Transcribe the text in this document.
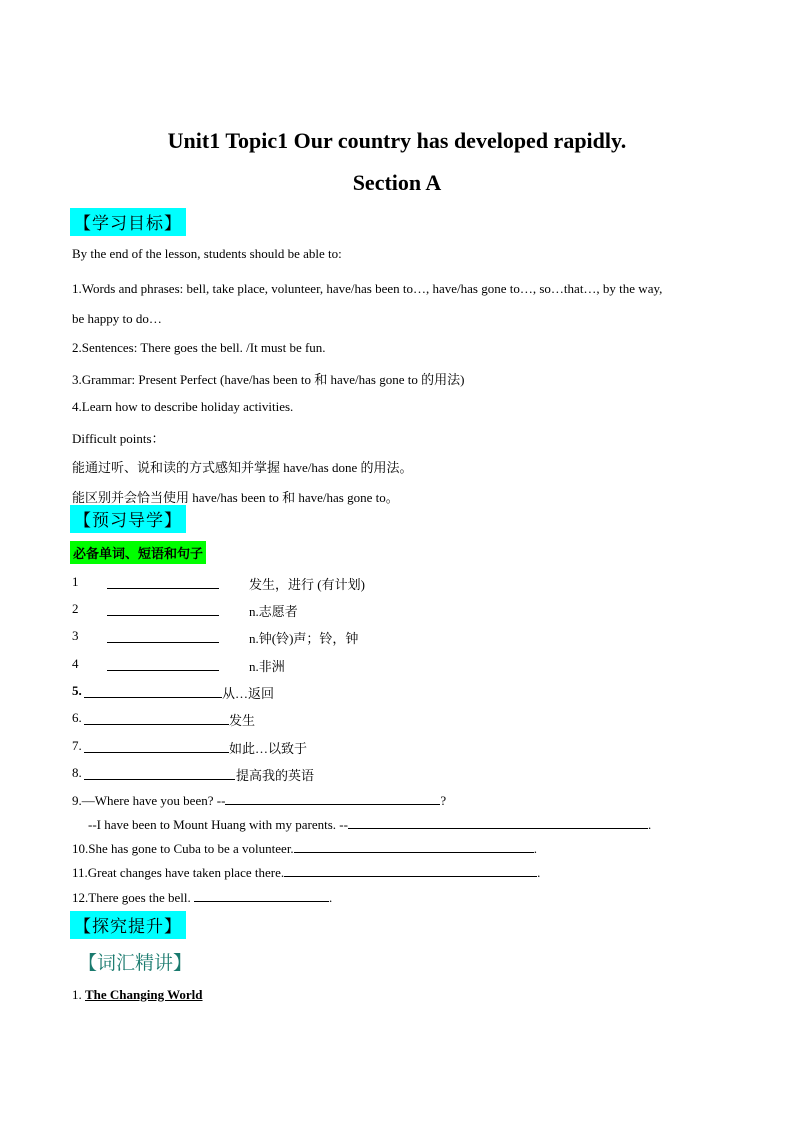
Unit1 Topic1 Our country has developed rapidly.
Section A
【学习目标】
By the end of the lesson, students should be able to:
1.Words and phrases: bell, take place, volunteer, have/has been to…, have/has gone to…, so…that…, by the way,
be happy to do…
2.Sentences: There goes the bell. /It must be fun.
3.Grammar: Present Perfect (have/has been to 和 have/has gone to 的用法)
4.Learn how to describe holiday activities.
Difficult points：
能通过听、说和读的方式感知并掌握 have/has done 的用法。
能区别并会恰当使用 have/has been to 和 have/has gone to。
【预习导学】
必备单词、短语和句子
1	发生，进行 (有计划)
2	n.志愿者
3	n.钟(铃)声；铃，钟
4	n.非洲
5.	从…返回
6.	发生
7.	如此…以致于
8.	提高我的英语
9.—Where have you been? --	?
--I have been to Mount Huang with my parents. --	.
10.She has gone to Cuba to be a volunteer.	.
11.Great changes have taken place there.	.
12.There goes the bell.	.
【探究提升】
【词汇精讲】
1. The Changing World
